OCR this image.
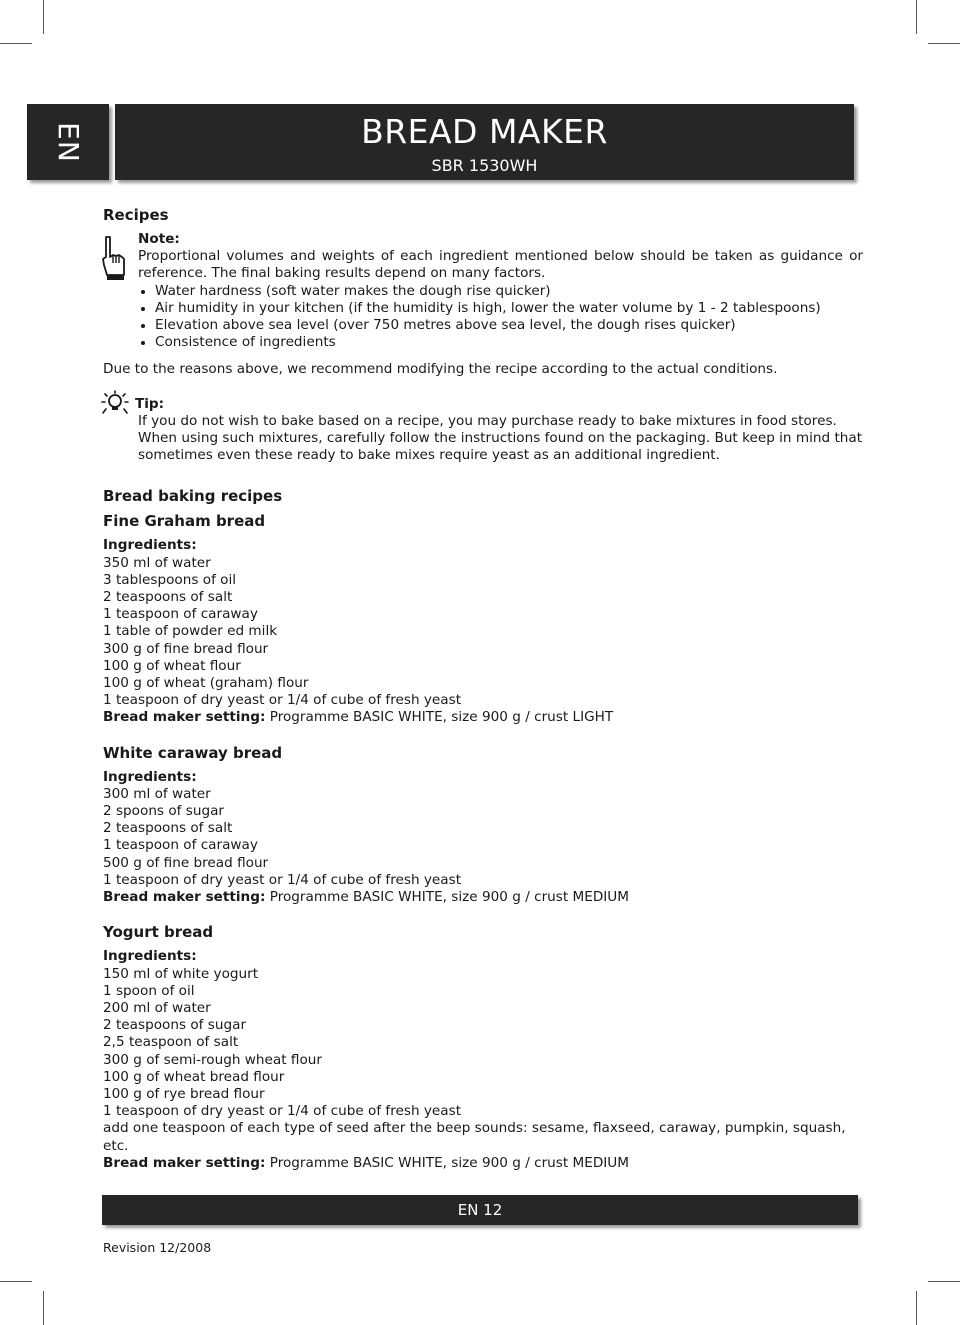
EN	BREAD MAKER
SBR 1530WH
Recipes
Note:
Proportional volumes and weights of each ingredient mentioned below should be taken as guidance or reference. The final baking results depend on many factors.
Water hardness (soft water makes the dough rise quicker)
Air humidity in your kitchen (if the humidity is high, lower the water volume by 1 - 2 tablespoons)
Elevation above sea level (over 750 metres above sea level, the dough rises quicker)
Consistence of ingredients
Due to the reasons above, we recommend modifying the recipe according to the actual conditions.
Tip:
If you do not wish to bake based on a recipe, you may purchase ready to bake mixtures in food stores. When using such mixtures, carefully follow the instructions found on the packaging. But keep in mind that sometimes even these ready to bake mixes require yeast as an additional ingredient.
Bread baking recipes
Fine Graham bread
Ingredients:
350 ml of water
3 tablespoons of oil
2 teaspoons of salt
1 teaspoon of caraway
1 table of powder ed milk
300 g of fine bread flour
100 g of wheat flour
100 g of wheat (graham) flour
1 teaspoon of dry yeast or 1/4 of cube of fresh yeast
Bread maker setting: Programme BASIC WHITE, size 900 g / crust LIGHT
White caraway bread
Ingredients:
300 ml of water
2 spoons of sugar
2 teaspoons of salt
1 teaspoon of caraway
500 g of fine bread flour
1 teaspoon of dry yeast or 1/4 of cube of fresh yeast
Bread maker setting: Programme BASIC WHITE, size 900 g / crust MEDIUM
Yogurt bread
Ingredients:
150 ml of white yogurt
1 spoon of oil
200 ml of water
2 teaspoons of sugar
2,5 teaspoon of salt
300 g of semi-rough wheat flour
100 g of wheat bread flour
100 g of rye bread flour
1 teaspoon of dry yeast or 1/4 of cube of fresh yeast
add one teaspoon of each type of seed after the beep sounds: sesame, flaxseed, caraway, pumpkin, squash, etc.
Bread maker setting: Programme BASIC WHITE, size 900 g / crust MEDIUM
EN 12
Revision 12/2008
